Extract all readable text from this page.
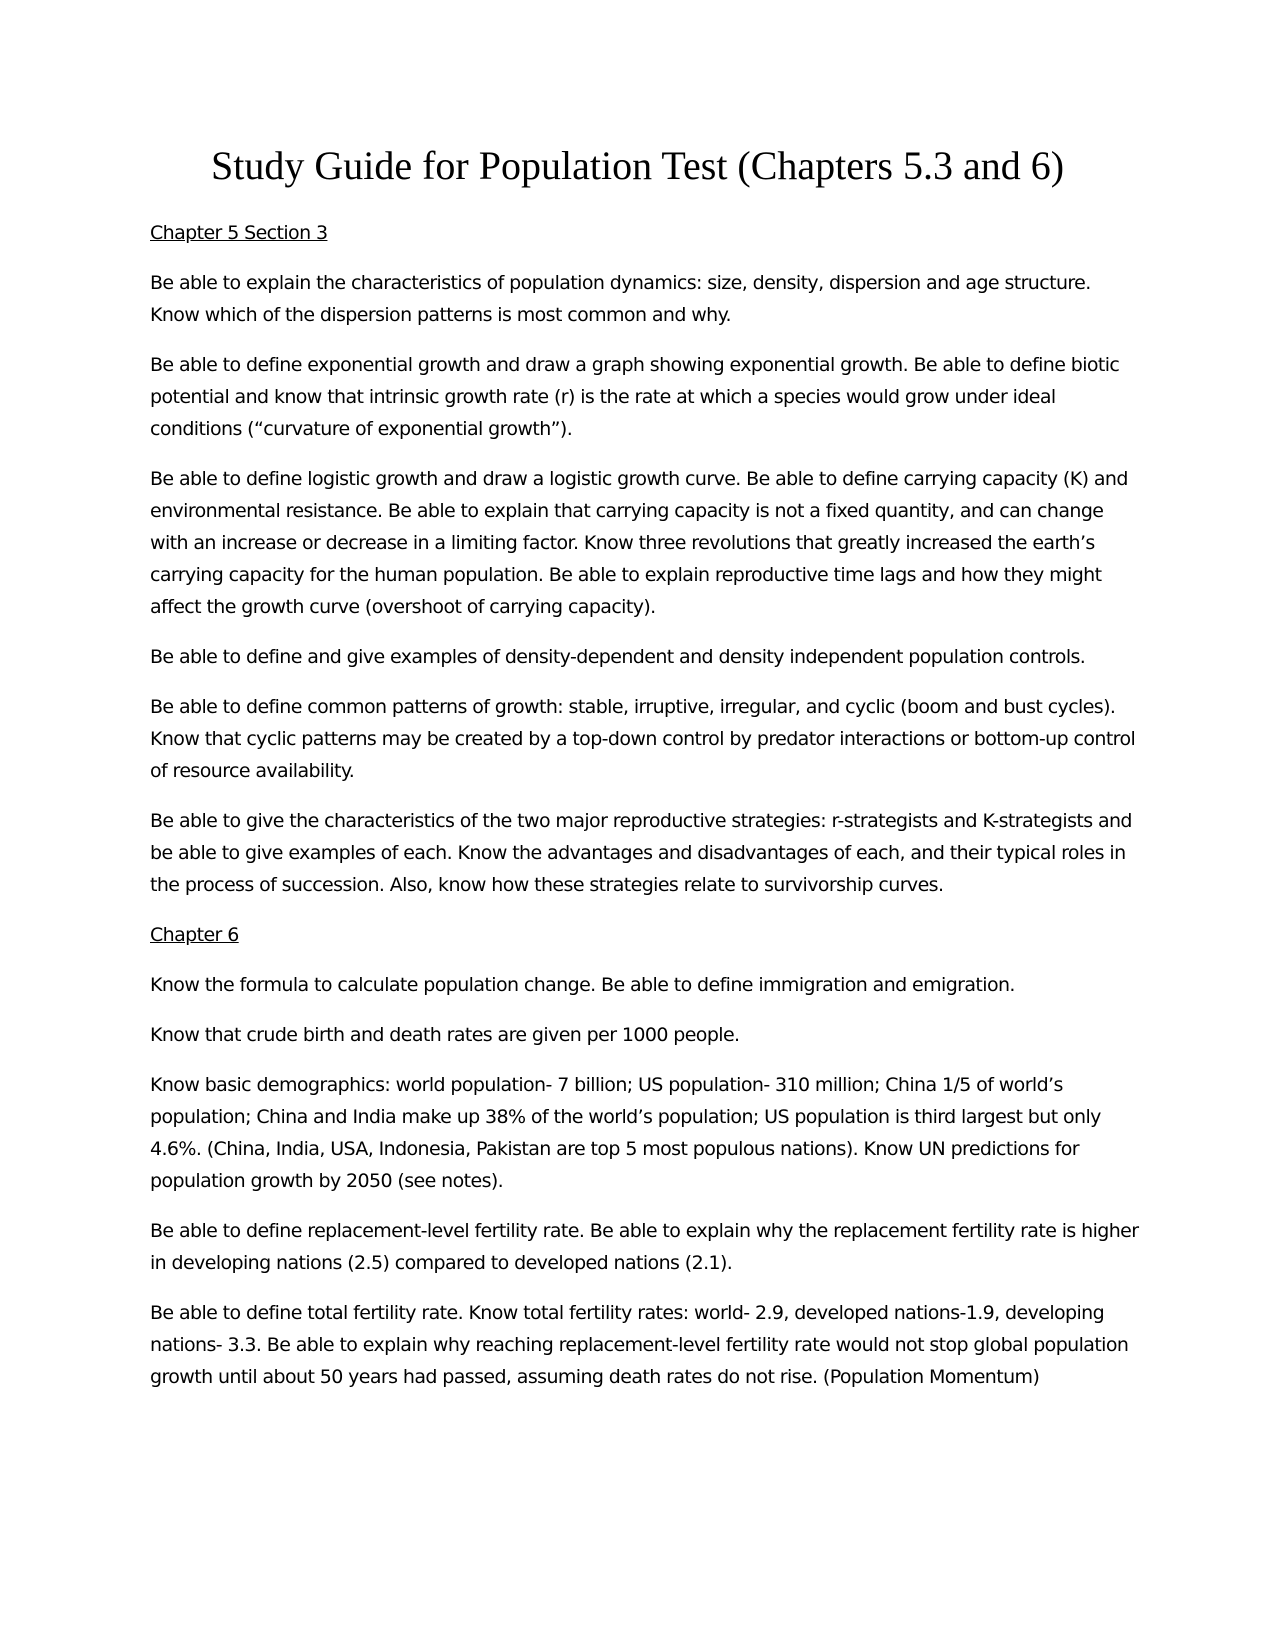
Study Guide for Population Test (Chapters 5.3 and 6)
Chapter 5 Section 3

Be able to explain the characteristics of population dynamics: size, density, dispersion and age structure. Know which of the dispersion patterns is most common and why.

Be able to define exponential growth and draw a graph showing exponential growth. Be able to define biotic potential and know that intrinsic growth rate (r) is the rate at which a species would grow under ideal conditions (“curvature of exponential growth”).

Be able to define logistic growth and draw a logistic growth curve. Be able to define carrying capacity (K) and environmental resistance. Be able to explain that carrying capacity is not a fixed quantity, and can change with an increase or decrease in a limiting factor. Know three revolutions that greatly increased the earth’s carrying capacity for the human population. Be able to explain reproductive time lags and how they might affect the growth curve (overshoot of carrying capacity).

Be able to define and give examples of density-dependent and density independent population controls.

Be able to define common patterns of growth: stable, irruptive, irregular, and cyclic (boom and bust cycles). Know that cyclic patterns may be created by a top-down control by predator interactions or bottom-up control of resource availability.

Be able to give the characteristics of the two major reproductive strategies: r-strategists and K-strategists and be able to give examples of each. Know the advantages and disadvantages of each, and their typical roles in the process of succession. Also, know how these strategies relate to survivorship curves.

Chapter 6

Know the formula to calculate population change. Be able to define immigration and emigration.

Know that crude birth and death rates are given per 1000 people.

Know basic demographics: world population- 7 billion; US population- 310 million; China 1/5 of world’s population; China and India make up 38% of the world’s population; US population is third largest but only 4.6%. (China, India, USA, Indonesia, Pakistan are top 5 most populous nations). Know UN predictions for population growth by 2050 (see notes).

Be able to define replacement-level fertility rate. Be able to explain why the replacement fertility rate is higher in developing nations (2.5) compared to developed nations (2.1).

Be able to define total fertility rate. Know total fertility rates: world- 2.9, developed nations-1.9, developing nations- 3.3. Be able to explain why reaching replacement-level fertility rate would not stop global population growth until about 50 years had passed, assuming death rates do not rise. (Population Momentum)
